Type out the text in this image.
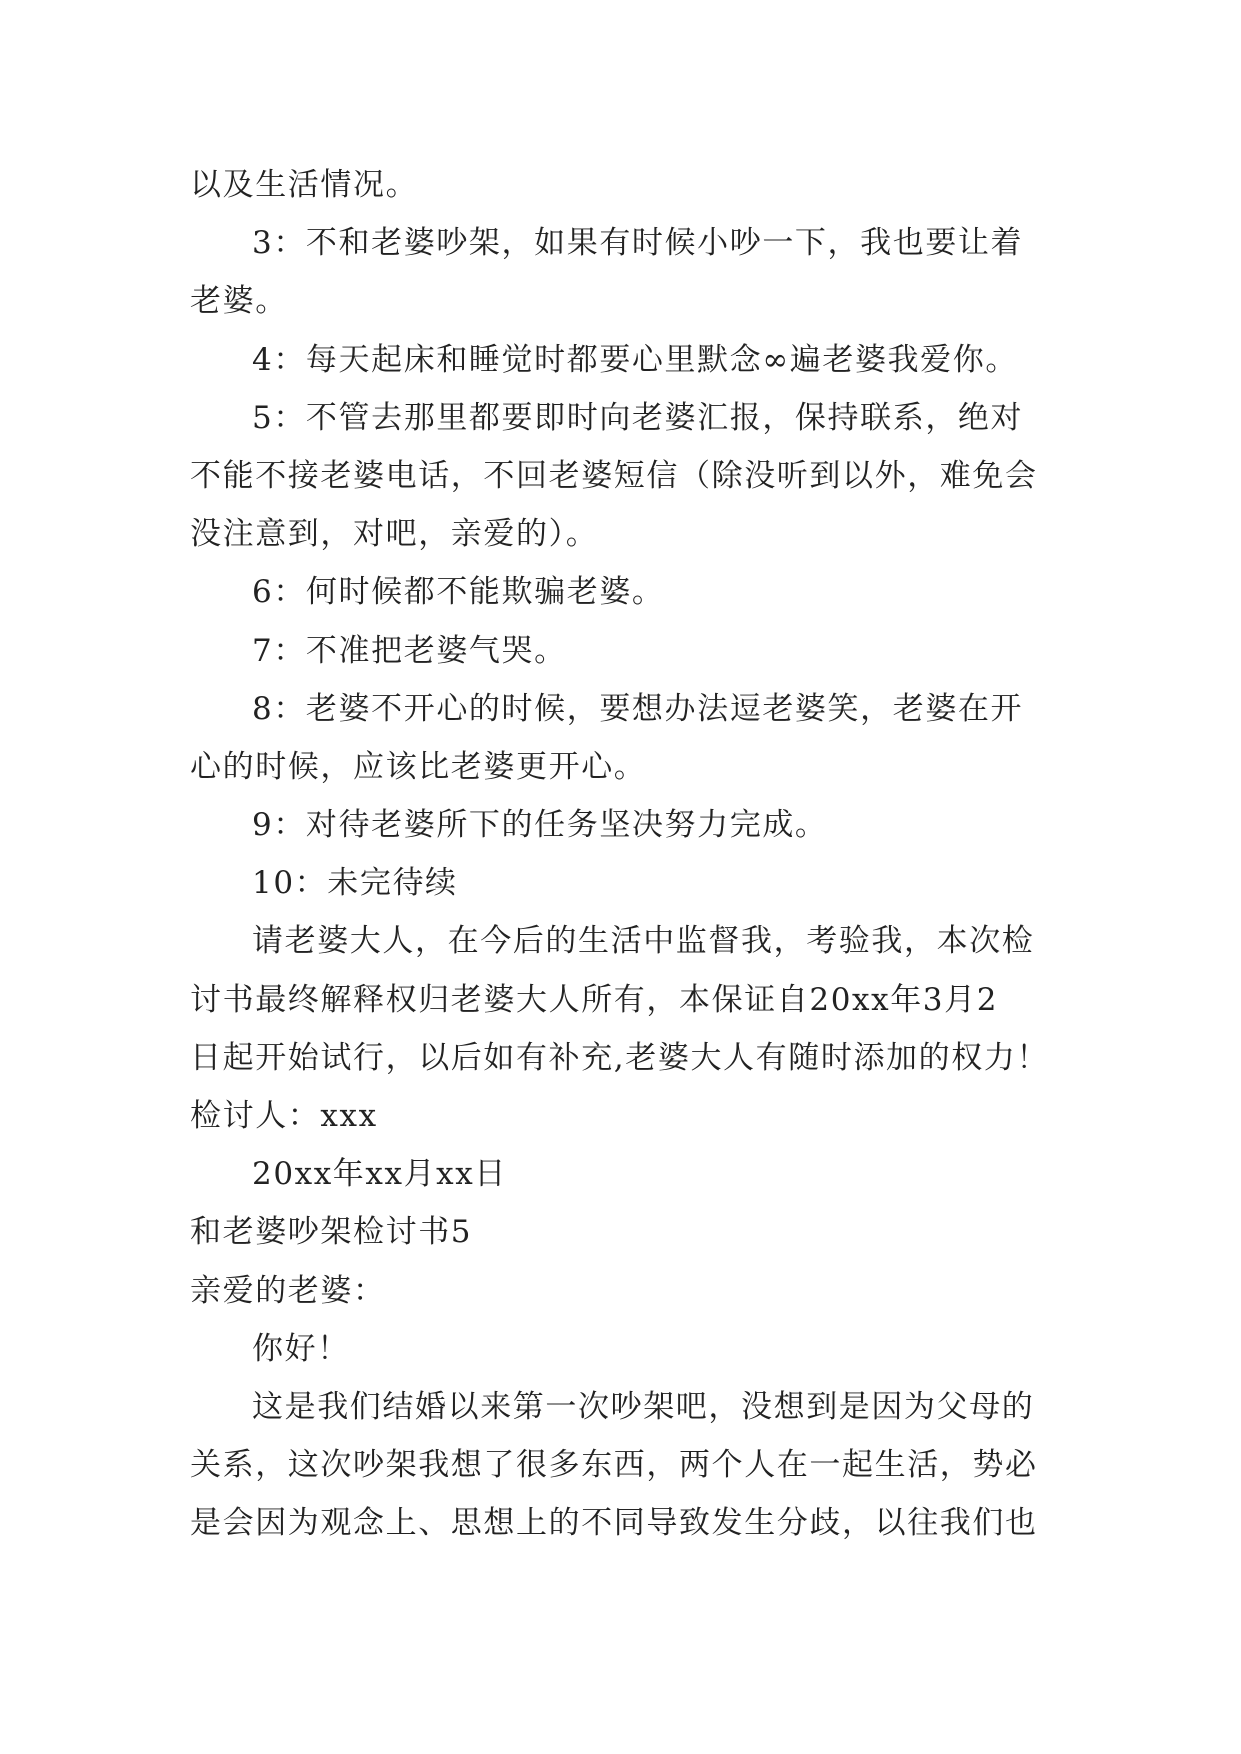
以及生活情况。
3：不和老婆吵架，如果有时候小吵一下，我也要让着
老婆。
4：每天起床和睡觉时都要心里默念∞遍老婆我爱你。
5：不管去那里都要即时向老婆汇报，保持联系，绝对
不能不接老婆电话，不回老婆短信（除没听到以外，难免会
没注意到，对吧，亲爱的）。
6：何时候都不能欺骗老婆。
7：不准把老婆气哭。
8：老婆不开心的时候，要想办法逗老婆笑，老婆在开
心的时候，应该比老婆更开心。
9：对待老婆所下的任务坚决努力完成。
10：未完待续
请老婆大人，在今后的生活中监督我，考验我，本次检
讨书最终解释权归老婆大人所有，本保证自20xx年3月2
日起开始试行，以后如有补充,老婆大人有随时添加的权力！
检讨人：xxx
20xx年xx月xx日
和老婆吵架检讨书5
亲爱的老婆：
你好！
这是我们结婚以来第一次吵架吧，没想到是因为父母的
关系，这次吵架我想了很多东西，两个人在一起生活，势必
是会因为观念上、思想上的不同导致发生分歧，以往我们也
